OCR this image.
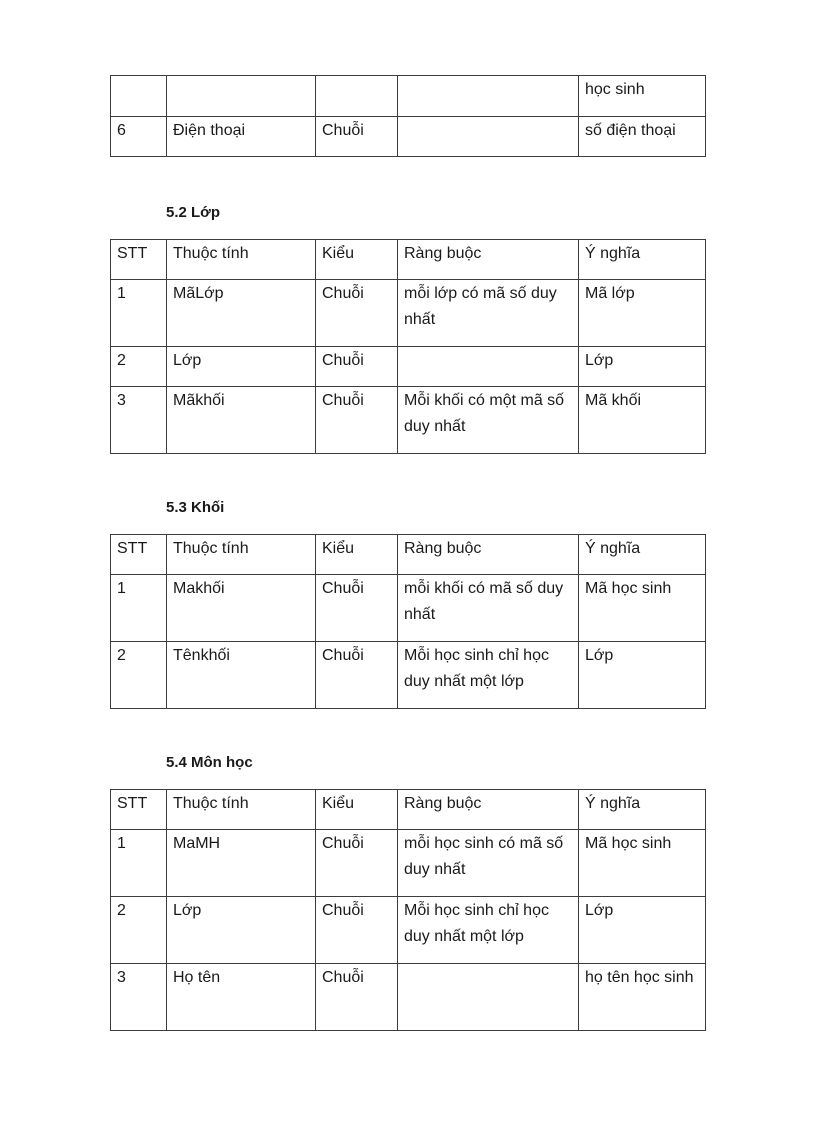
				học sinh

6	Điện thoại	Chuỗi		số điện thoại
5.2 Lớp
STT	Thuộc tính	Kiểu	Ràng buộc	Ý nghĩa

1	MãLớp	Chuỗi	mỗi lớp có mã số duy nhất	Mã lớp

2	Lớp	Chuỗi		Lớp

3	Mãkhối	Chuỗi	Mỗi khối có một mã số duy nhất	Mã khối
5.3 Khối
STT	Thuộc tính	Kiểu	Ràng buộc	Ý nghĩa

1	Makhối	Chuỗi	mỗi khối có mã số duy nhất	Mã học sinh

2	Tênkhối	Chuỗi	Mỗi học sinh chỉ học duy nhất một lớp	Lớp
5.4 Môn học
STT	Thuộc tính	Kiểu	Ràng buộc	Ý nghĩa

1	MaMH	Chuỗi	mỗi học sinh có mã số duy nhất	Mã học sinh

2	Lớp	Chuỗi	Mỗi học sinh chỉ học duy nhất một lớp	Lớp

3	Họ tên	Chuỗi		họ tên học sinh
